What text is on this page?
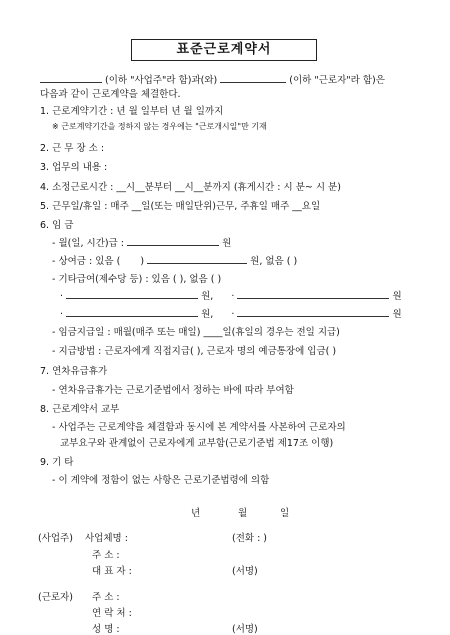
표준근로계약서
(이하 "사업주"라 함)과(와)	(이하 "근로자"라 함)은
다음과 같이 근로계약을 체결한다.
1. 근로계약기간 : 년 월 일부터 년 월 일까지
※ 근로계약기간을 정하지 않는 경우에는 "근로개시일"만 기재
2. 근 무 장 소 :
3. 업무의 내용 :
4. 소정근로시간 : __시__분부터 __시__분까지 (휴게시간 : 시 분~ 시 분)
5. 근무일/휴일 : 매주 __일(또는 매일단위)근무, 주휴일 매주 __요일
6. 임 금
- 월(일, 시간)급 :	원
- 상여금 : 있음 ( )	원, 없음 ( )
- 기타급여(제수당 등) : 있음 ( ), 없음 ( )
·	원, ·	원
·	원, ·	원
- 임금지급일 : 매월(매주 또는 매일) ____일(휴일의 경우는 전일 지급)
- 지급방법 : 근로자에게 직접지급( ), 근로자 명의 예금통장에 입금( )
7. 연차유급휴가
- 연차유급휴가는 근로기준법에서 정하는 바에 따라 부여함
8. 근로계약서 교부
- 사업주는 근로계약을 체결함과 동시에 본 계약서를 사본하여 근로자의
교부요구와 관계없이 근로자에게 교부함(근로기준법 제17조 이행)
9. 기 타
- 이 계약에 정함이 없는 사항은 근로기준법령에 의함
년	월	일
(사업주) 사업체명 :	(전화 : )
주 소 :
대 표 자 :	(서명)
(근로자) 주 소 :
연 락 처 :
성 명 :	(서명)
